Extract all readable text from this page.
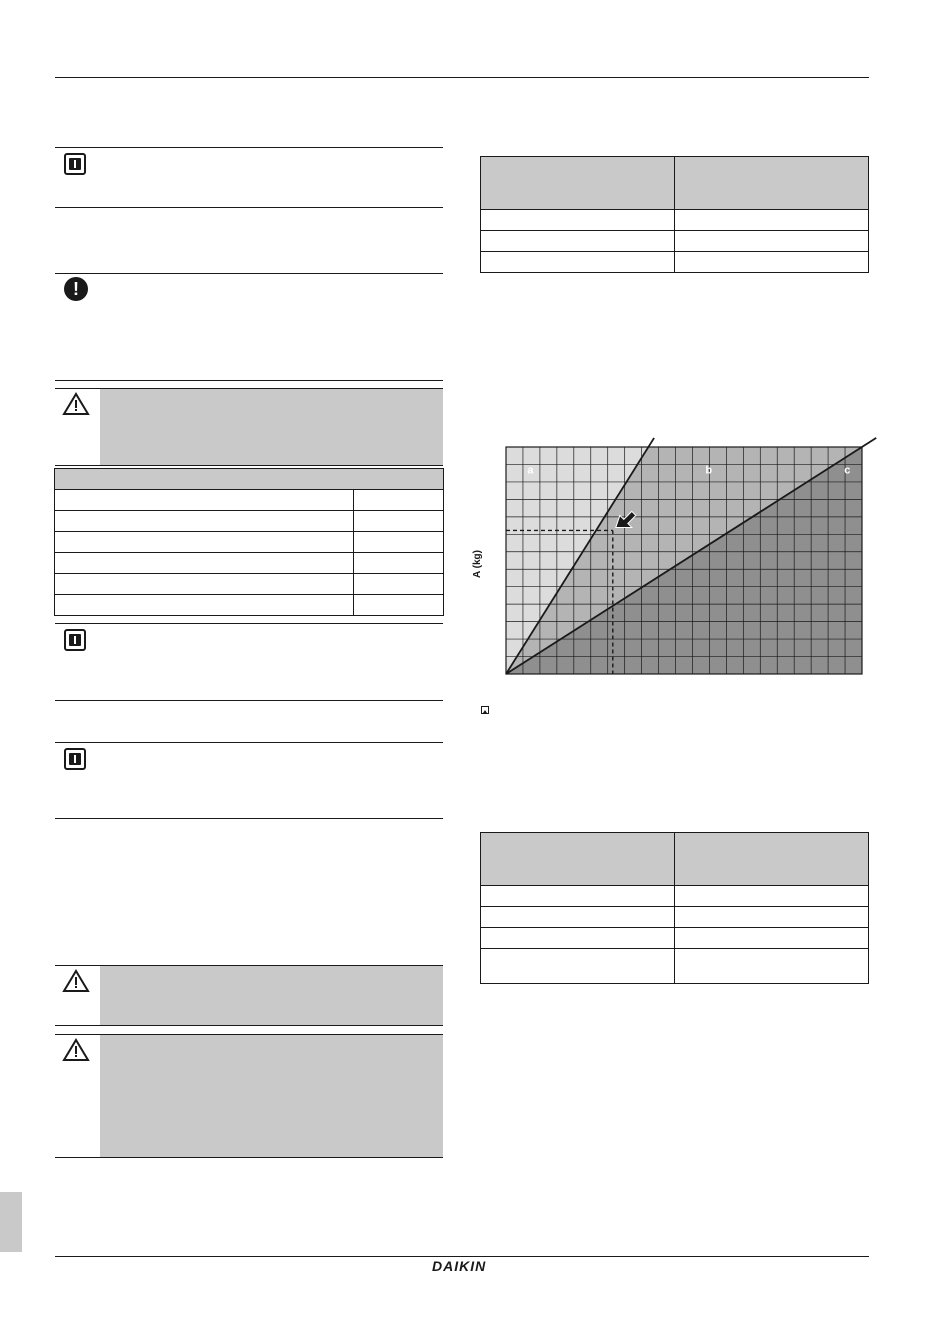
!

a	b	c
A (kg)

DAIKIN
